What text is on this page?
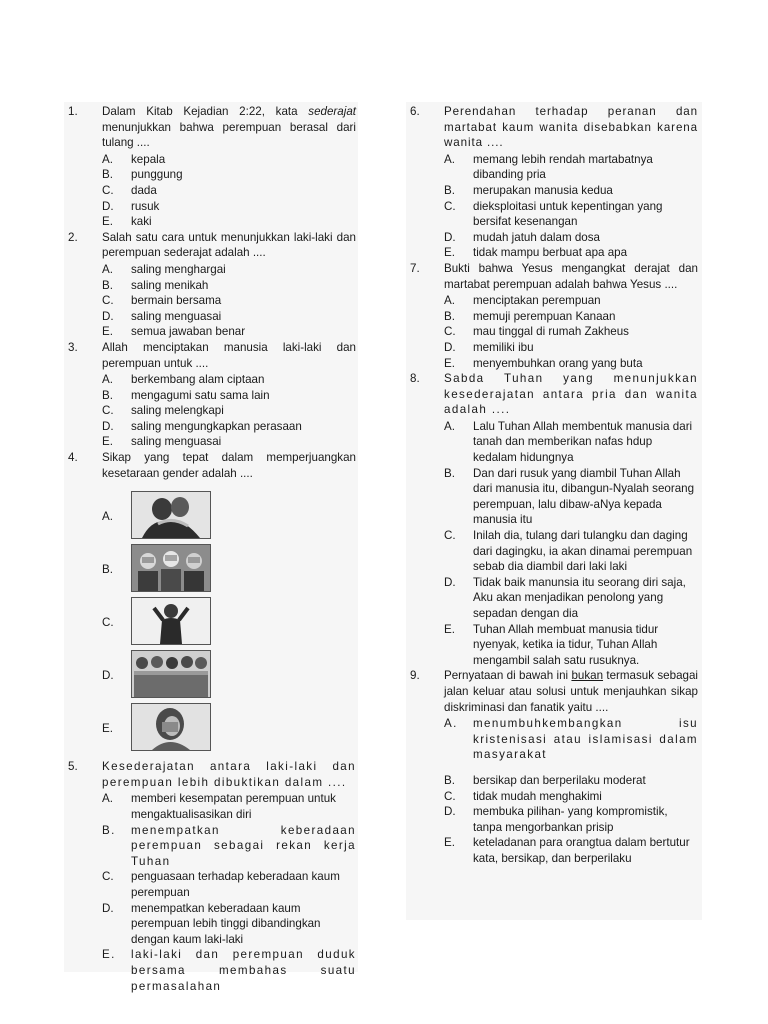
1. Dalam Kitab Kejadian 2:22, kata sederajat menunjukkan bahwa perempuan berasal dari tulang ....
A. kepala
B. punggung
C. dada
D. rusuk
E. kaki
2. Salah satu cara untuk menunjukkan laki-laki dan perempuan sederajat adalah ....
A. saling menghargai
B. saling menikah
C. bermain bersama
D. saling menguasai
E. semua jawaban benar
3. Allah menciptakan manusia laki-laki dan perempuan untuk ....
A. berkembang alam ciptaan
B. mengagumi satu sama lain
C. saling melengkapi
D. saling mengungkapkan perasaan
E. saling menguasai
4. Sikap yang tepat dalam memperjuangkan kesetaraan gender adalah ....
A.
B.
C.
D.
E.
5. Kesederajatan antara laki-laki dan perempuan lebih dibuktikan dalam ....
A. memberi kesempatan perempuan untuk mengaktualisasikan diri
B. menempatkan keberadaan perempuan sebagai rekan kerja Tuhan
C. penguasaan terhadap keberadaan kaum perempuan
D. menempatkan keberadaan kaum perempuan lebih tinggi dibandingkan dengan kaum laki-laki
E. laki-laki dan perempuan duduk bersama membahas suatu permasalahan
6. Perendahan terhadap peranan dan martabat kaum wanita disebabkan karena wanita ....
A. memang lebih rendah martabatnya dibanding pria
B. merupakan manusia kedua
C. dieksploitasi untuk kepentingan yang bersifat kesenangan
D. mudah jatuh dalam dosa
E. tidak mampu berbuat apa apa
7. Bukti bahwa Yesus mengangkat derajat dan martabat perempuan adalah bahwa Yesus ....
A. menciptakan perempuan
B. memuji perempuan Kanaan
C. mau tinggal di rumah Zakheus
D. memiliki ibu
E. menyembuhkan orang yang buta
8. Sabda Tuhan yang menunjukkan kesederajatan antara pria dan wanita adalah ....
A. Lalu Tuhan Allah membentuk manusia dari tanah dan memberikan nafas hdup kedalam hidungnya
B. Dan dari rusuk yang diambil Tuhan Allah dari manusia itu, dibangun-Nyalah seorang perempuan, lalu dibaw-aNya kepada manusia itu
C. Inilah dia, tulang dari tulangku dan daging dari dagingku, ia akan dinamai perempuan sebab dia diambil dari laki laki
D. Tidak baik manunsia itu seorang diri saja, Aku akan menjadikan penolong yang sepadan dengan dia
E. Tuhan Allah membuat manusia tidur nyenyak, ketika ia tidur, Tuhan Allah mengambil salah satu rusuknya.
9. Pernyataan di bawah ini bukan termasuk sebagai jalan keluar atau solusi untuk menjauhkan sikap diskriminasi dan fanatik yaitu ....
A. menumbuhkembangkan isu kristenisasi atau islamisasi dalam masyarakat
B. bersikap dan berperilaku moderat
C. tidak mudah menghakimi
D. membuka pilihan- yang kompromistik, tanpa mengorbankan prisip
E. keteladanan para orangtua dalam bertutur kata, bersikap, dan berperilaku
